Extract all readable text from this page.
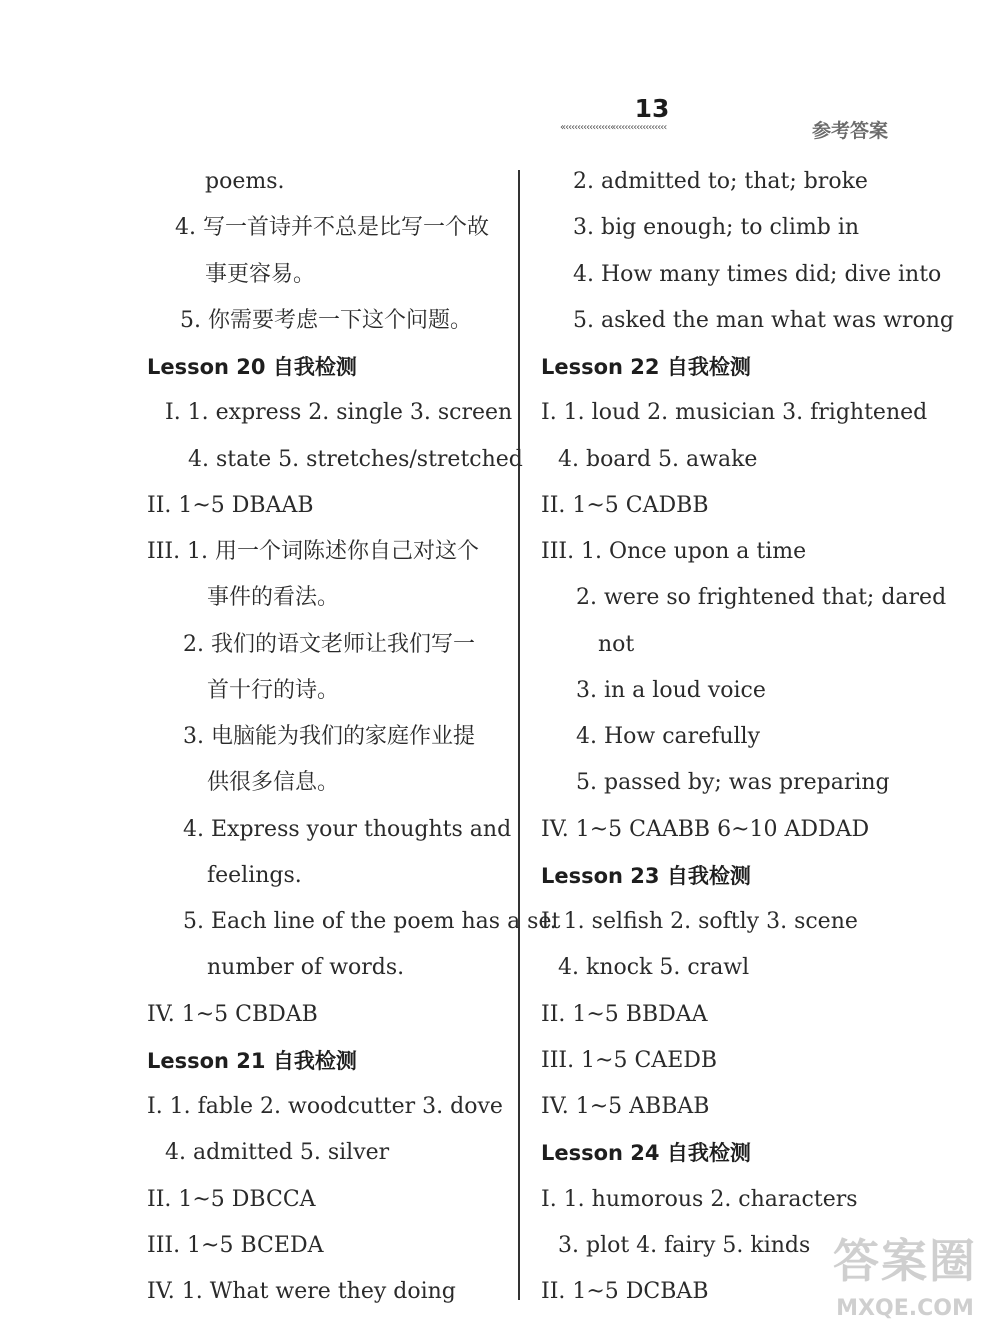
13
«‹‹‹‹‹‹‹‹‹‹‹‹‹‹‹«‹‹‹‹‹‹‹‹‹‹‹‹‹‹‹‹‹	参考答案
poems.
4. 写一首诗并不总是比写一个故
事更容易。
5. 你需要考虑一下这个问题。
Lesson 20 自我检测
I. 1. express 2. single 3. screen
4. state 5. stretches/stretched
II. 1~5 DBAAB
III. 1. 用一个词陈述你自己对这个
事件的看法。
2. 我们的语文老师让我们写一
首十行的诗。
3. 电脑能为我们的家庭作业提
供很多信息。
4. Express your thoughts and
feelings.
5. Each line of the poem has a set
number of words.
IV. 1~5 CBDAB
Lesson 21 自我检测
I. 1. fable 2. woodcutter 3. dove
4. admitted 5. silver
II. 1~5 DBCCA
III. 1~5 BCEDA
IV. 1. What were they doing
2. admitted to; that; broke
3. big enough; to climb in
4. How many times did; dive into
5. asked the man what was wrong
Lesson 22 自我检测
I. 1. loud 2. musician 3. frightened
4. board 5. awake
II. 1~5 CADBB
III. 1. Once upon a time
2. were so frightened that; dared
not
3. in a loud voice
4. How carefully
5. passed by; was preparing
IV. 1~5 CAABB 6~10 ADDAD
Lesson 23 自我检测
I. 1. selfish 2. softly 3. scene
4. knock 5. crawl
II. 1~5 BBDAA
III. 1~5 CAEDB
IV. 1~5 ABBAB
Lesson 24 自我检测
I. 1. humorous 2. characters
3. plot 4. fairy 5. kinds
II. 1~5 DCBAB
答案圈
MXQE.COM
